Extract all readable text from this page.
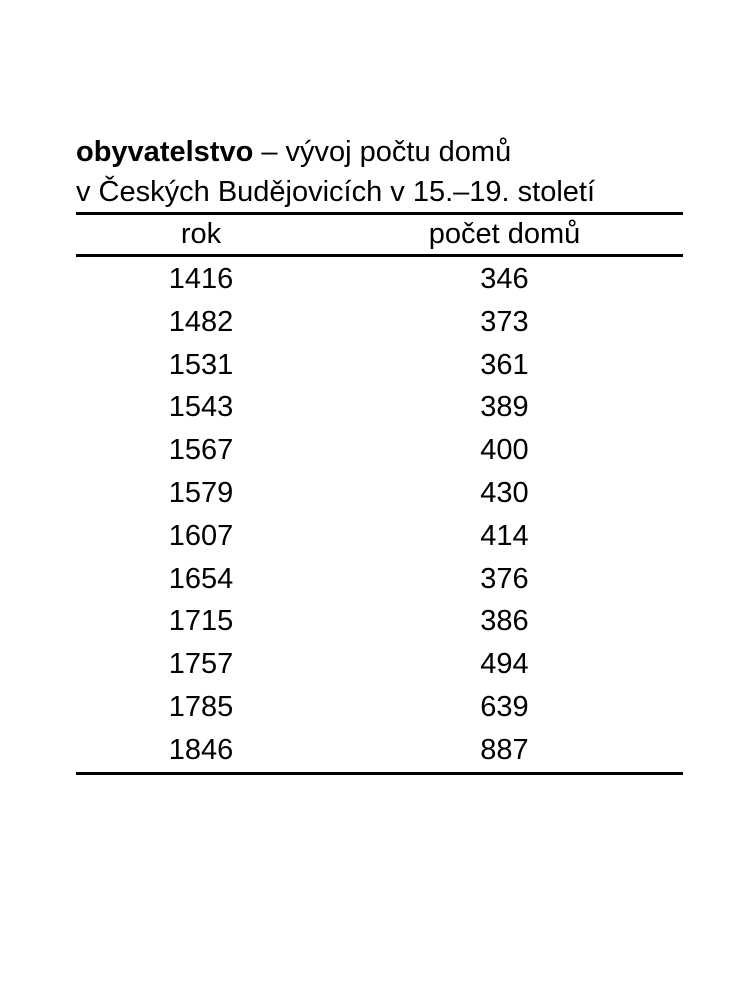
obyvatelstvo – vývoj počtu domů
v Českých Budějovicích v 15.–19. století
rok	počet domů
1416	346
1482	373
1531	361
1543	389
1567	400
1579	430
1607	414
1654	376
1715	386
1757	494
1785	639
1846	887
